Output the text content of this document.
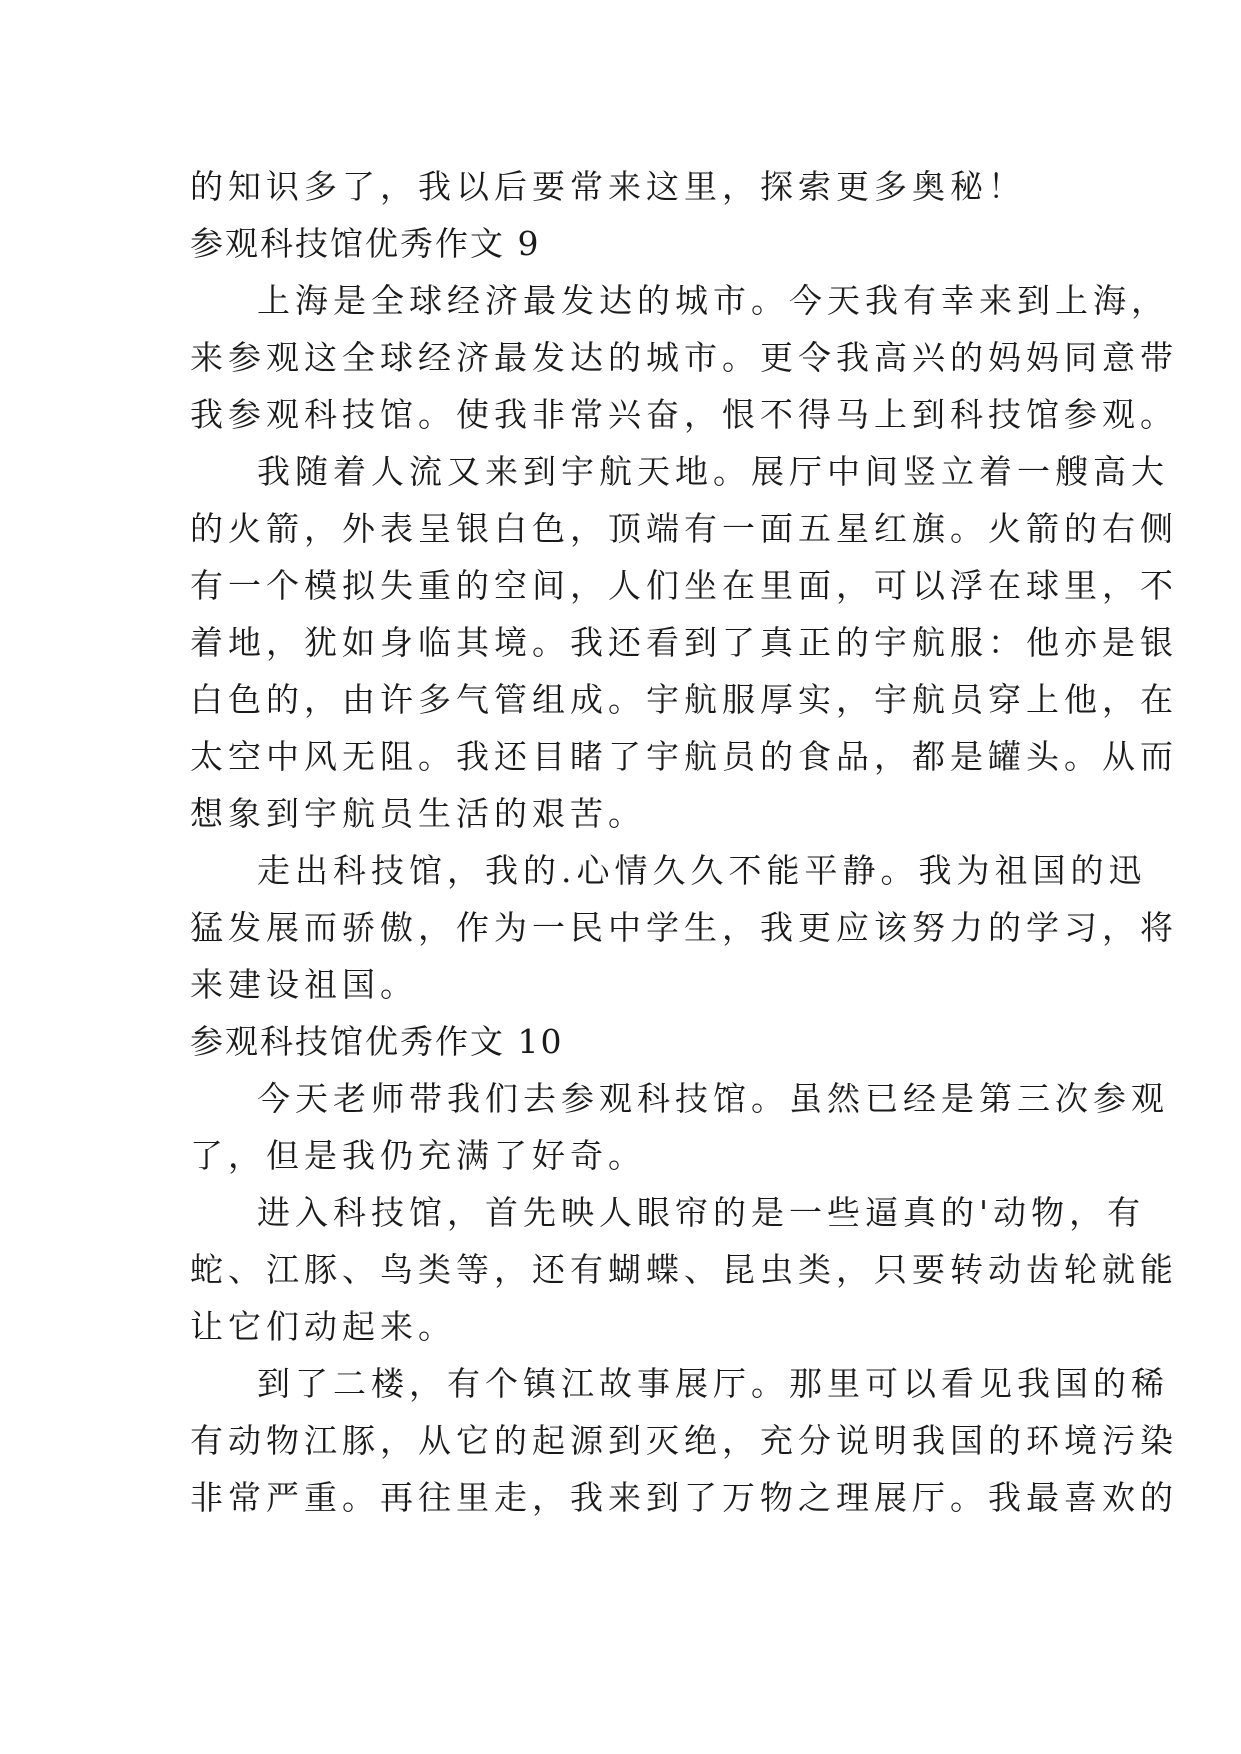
的知识多了，我以后要常来这里，探索更多奥秘！
参观科技馆优秀作文 9
上海是全球经济最发达的城市。今天我有幸来到上海，
来参观这全球经济最发达的城市。更令我高兴的妈妈同意带
我参观科技馆。使我非常兴奋，恨不得马上到科技馆参观。
我随着人流又来到宇航天地。展厅中间竖立着一艘高大
的火箭，外表呈银白色，顶端有一面五星红旗。火箭的右侧
有一个模拟失重的空间，人们坐在里面，可以浮在球里，不
着地，犹如身临其境。我还看到了真正的宇航服：他亦是银
白色的，由许多气管组成。宇航服厚实，宇航员穿上他，在
太空中风无阻。我还目睹了宇航员的食品，都是罐头。从而
想象到宇航员生活的艰苦。
走出科技馆，我的.心情久久不能平静。我为祖国的迅
猛发展而骄傲，作为一民中学生，我更应该努力的学习，将
来建设祖国。
参观科技馆优秀作文 10
今天老师带我们去参观科技馆。虽然已经是第三次参观
了，但是我仍充满了好奇。
进入科技馆，首先映人眼帘的是一些逼真的'动物，有
蛇、江豚、鸟类等，还有蝴蝶、昆虫类，只要转动齿轮就能
让它们动起来。
到了二楼，有个镇江故事展厅。那里可以看见我国的稀
有动物江豚，从它的起源到灭绝，充分说明我国的环境污染
非常严重。再往里走，我来到了万物之理展厅。我最喜欢的
